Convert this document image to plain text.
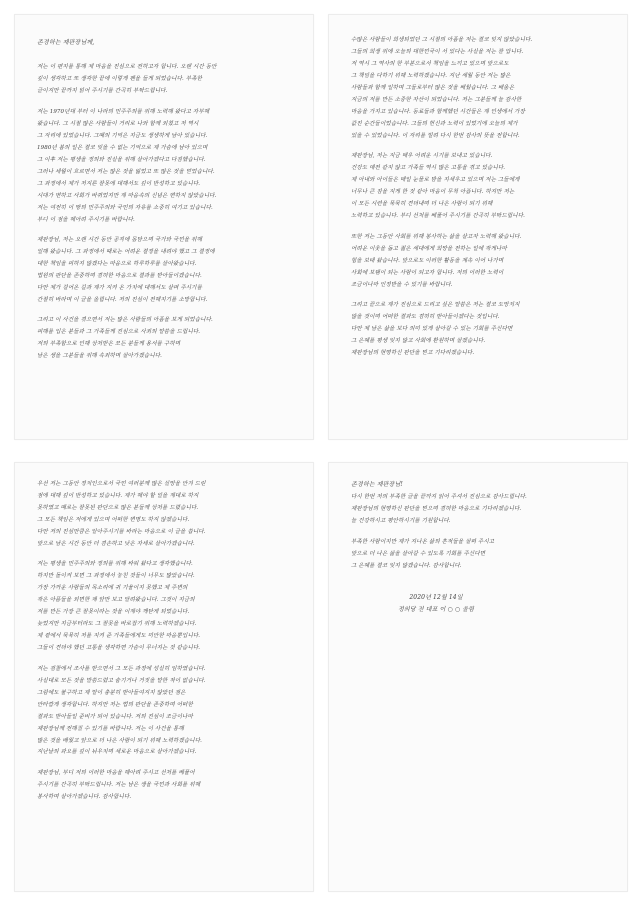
존경하는 재판장님께,
저는 이 편지를 통해 제 마음을 진심으로 전하고자 합니다. 오랜 시간 동안
깊이 생각하고 또 생각한 끝에 이렇게 펜을 들게 되었습니다. 부족한
글이지만 끝까지 읽어 주시기를 간곡히 부탁드립니다.
저는 1970년대 부터 이 나라의 민주주의를 위해 노력해 왔다고 자부해
왔습니다. 그 시절 많은 사람들이 거리로 나와 함께 외쳤고 저 역시
그 자리에 있었습니다. 그때의 기억은 지금도 생생하게 남아 있습니다.
1980년 봄의 일은 결코 잊을 수 없는 기억으로 제 가슴에 남아 있으며
그 이후 저는 평생을 정의와 진실을 위해 살아가겠다고 다짐했습니다.
그러나 세월이 흐르면서 저는 많은 것을 잃었고 또 많은 것을 얻었습니다.
그 과정에서 제가 저지른 잘못에 대해서도 깊이 반성하고 있습니다.
시대가 변하고 사회가 바뀌었지만 제 마음속의 신념은 변하지 않았습니다.
저는 여전히 이 땅의 민주주의와 국민의 자유를 소중히 여기고 있습니다.
부디 이 점을 헤아려 주시기를 바랍니다.
재판장님, 저는 오랜 시간 동안 공직에 몸담으며 국가와 국민을 위해
일해 왔습니다. 그 과정에서 때로는 어려운 결정을 내려야 했고 그 결정에
대한 책임을 피하지 않겠다는 마음으로 하루하루를 살아왔습니다.
법원의 판단을 존중하며 겸허한 마음으로 결과를 받아들이겠습니다.
다만 제가 걸어온 길과 제가 지켜 온 가치에 대해서도 살펴 주시기를
간절히 바라며 이 글을 올립니다. 저의 진심이 전해지기를 소망합니다.
그리고 이 사건을 겪으면서 저는 많은 사람들의 아픔을 보게 되었습니다.
피해를 입은 분들과 그 가족들께 진심으로 사죄의 말씀을 드립니다.
저의 부족함으로 인해 상처받은 모든 분들께 용서를 구하며
남은 생을 그분들을 위해 속죄하며 살아가겠습니다.
수많은 사람들이 희생되었던 그 시절의 아픔을 저는 결코 잊지 않았습니다.
그들의 희생 위에 오늘의 대한민국이 서 있다는 사실을 저는 잘 압니다.
저 역시 그 역사의 한 부분으로서 책임을 느끼고 있으며 앞으로도
그 책임을 다하기 위해 노력하겠습니다. 지난 세월 동안 저는 많은
사람들과 함께 일하며 그들로부터 많은 것을 배웠습니다. 그 배움은
지금의 저를 만든 소중한 자산이 되었습니다. 저는 그분들께 늘 감사한
마음을 가지고 있습니다. 동료들과 함께했던 시간들은 제 인생에서 가장
값진 순간들이었습니다. 그들의 헌신과 노력이 있었기에 오늘의 제가
있을 수 있었습니다. 이 자리를 빌려 다시 한번 감사의 뜻을 전합니다.
재판장님, 저는 지금 매우 어려운 시기를 보내고 있습니다.
건강도 예전 같지 않고 가족들 역시 많은 고통을 겪고 있습니다.
제 아내와 아이들은 매일 눈물로 밤을 지새우고 있으며 저는 그들에게
너무나 큰 짐을 지게 한 것 같아 마음이 무척 아픕니다. 하지만 저는
이 모든 시련을 묵묵히 견뎌내며 더 나은 사람이 되기 위해
노력하고 있습니다. 부디 선처를 베풀어 주시기를 간곡히 부탁드립니다.
또한 저는 그동안 사회를 위해 봉사하는 삶을 살고자 노력해 왔습니다.
어려운 이웃을 돕고 젊은 세대에게 희망을 전하는 일에 작게나마
힘을 보태 왔습니다. 앞으로도 이러한 활동을 계속 이어 나가며
사회에 보탬이 되는 사람이 되고자 합니다. 저의 이러한 노력이
조금이나마 인정받을 수 있기를 바랍니다.
그리고 끝으로 제가 진심으로 드리고 싶은 말씀은 저는 결코 도망치지
않을 것이며 어떠한 결과도 겸허히 받아들이겠다는 것입니다.
다만 제 남은 삶을 보다 의미 있게 살아갈 수 있는 기회를 주신다면
그 은혜를 평생 잊지 않고 사회에 환원하며 살겠습니다.
재판장님의 현명하신 판단을 믿고 기다리겠습니다.
우선 저는 그동안 정치인으로서 국민 여러분께 많은 실망을 안겨 드린
점에 대해 깊이 반성하고 있습니다. 제가 해야 할 일을 제대로 하지
못하였고 때로는 잘못된 판단으로 많은 분들께 상처를 드렸습니다.
그 모든 책임은 저에게 있으며 어떠한 변명도 하지 않겠습니다.
다만 저의 진심만큼은 알아주시기를 바라는 마음으로 이 글을 씁니다.
앞으로 남은 시간 동안 더 겸손하고 낮은 자세로 살아가겠습니다.
저는 평생을 민주주의와 정의를 위해 싸워 왔다고 생각했습니다.
하지만 돌이켜 보면 그 과정에서 놓친 것들이 너무도 많았습니다.
가장 가까운 사람들의 목소리에 귀 기울이지 못했고 제 주변의
작은 아픔들을 외면한 채 앞만 보고 달려왔습니다. 그것이 지금의
저를 만든 가장 큰 잘못이라는 것을 이제야 깨닫게 되었습니다.
늦었지만 지금부터라도 그 잘못을 바로잡기 위해 노력하겠습니다.
제 곁에서 묵묵히 저를 지켜 준 가족들에게도 미안한 마음뿐입니다.
그들이 견뎌야 했던 고통을 생각하면 가슴이 무너지는 것 같습니다.
저는 검찰에서 조사를 받으면서 그 모든 과정에 성실히 임하였습니다.
사실대로 모든 것을 말씀드렸고 숨기거나 거짓을 말한 적이 없습니다.
그럼에도 불구하고 제 말이 충분히 받아들여지지 않았던 점은
안타깝게 생각합니다. 하지만 저는 법의 판단을 존중하며 어떠한
결과도 받아들일 준비가 되어 있습니다. 저의 진심이 조금이나마
재판장님께 전해질 수 있기를 바랍니다. 저는 이 사건을 통해
많은 것을 배웠고 앞으로 더 나은 사람이 되기 위해 노력하겠습니다.
지난날의 과오를 깊이 뉘우치며 새로운 마음으로 살아가겠습니다.
재판장님, 부디 저의 이러한 마음을 헤아려 주시고 선처를 베풀어
주시기를 간곡히 부탁드립니다. 저는 남은 생을 국민과 사회를 위해
봉사하며 살아가겠습니다. 감사합니다.
존경하는 재판장님!
다시 한번 저의 부족한 글을 끝까지 읽어 주셔서 진심으로 감사드립니다.
재판장님의 현명하신 판단을 믿으며 겸허한 마음으로 기다리겠습니다.
늘 건강하시고 평안하시기를 기원합니다.
부족한 사람이지만 제가 지나온 삶의 흔적들을 살펴 주시고
앞으로 더 나은 삶을 살아갈 수 있도록 기회를 주신다면
그 은혜를 결코 잊지 않겠습니다. 감사합니다.
2020년 12월 14일
정의당 전 대표 이 ○ ○ 올림
